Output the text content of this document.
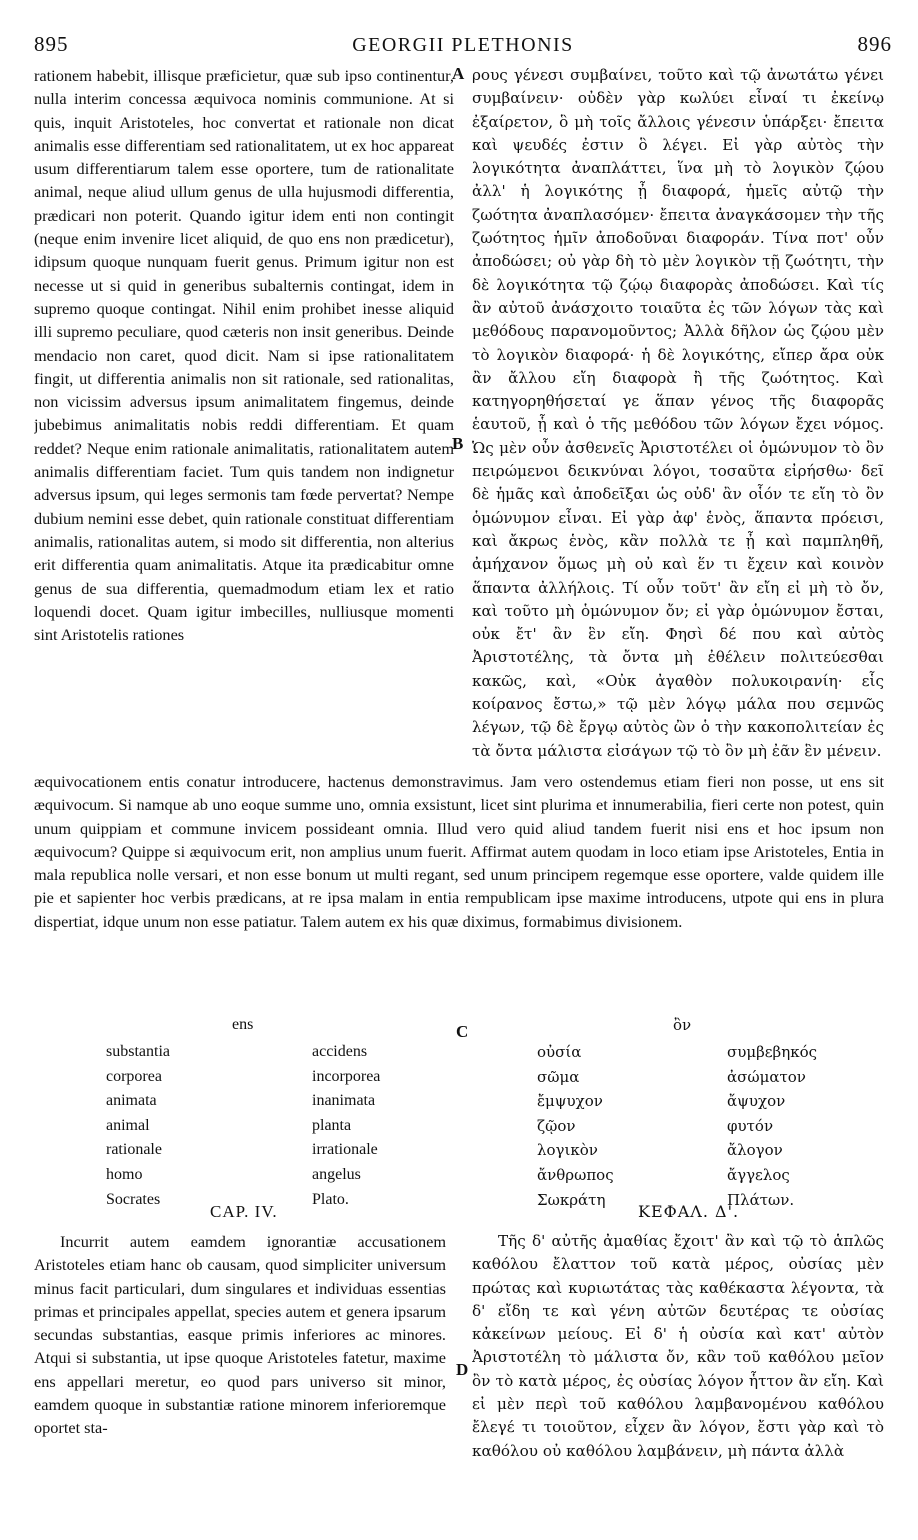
895	GEORGII PLETHONIS	896

rationem habebit, illisque præficietur, quæ sub ipso continentur, nulla interim concessa æquivoca nominis communione. At si quis, inquit Aristoteles, hoc convertat et rationale non dicat animalis esse differentiam sed rationalitatem, ut ex hoc appareat usum differentiarum talem esse oportere, tum de rationalitate animal, neque aliud ullum genus de ulla hujusmodi differentia, prædicari non poterit. Quando igitur idem enti non contingit (neque enim invenire licet aliquid, de quo ens non prædicetur), idipsum quoque nunquam fuerit genus. Primum igitur non est necesse ut si quid in generibus subalternis contingat, idem in supremo quoque contingat. Nihil enim prohibet inesse aliquid illi supremo peculiare, quod cæteris non insit generibus. Deinde mendacio non caret, quod dicit. Nam si ipse rationalitatem fingit, ut differentia animalis non sit rationale, sed rationalitas, non vicissim adversus ipsum animalitatem fingemus, deinde jubebimus animalitatis nobis reddi differentiam. Et quam reddet? Neque enim rationale animalitatis, rationalitatem autem animalis differentiam faciet. Tum quis tandem non indignetur adversus ipsum, qui leges sermonis tam fœde pervertat? Nempe dubium nemini esse debet, quin rationale constituat differentiam animalis, rationalitas autem, si modo sit differentia, non alterius erit differentia quam animalitatis. Atque ita prædicabitur omne genus de sua differentia, quemadmodum etiam lex et ratio loquendi docet. Quam igitur imbecilles, nulliusque momenti sint Aristotelis rationes

A
B

ρους γένεσι συμβαίνει, τοῦτο καὶ τῷ ἀνωτάτω γένει συμβαίνειν· οὐδὲν γὰρ κωλύει εἶναί τι ἐκείνῳ ἐξαίρετον, ὃ μὴ τοῖς ἄλλοις γένεσιν ὑπάρξει· ἔπειτα καὶ ψευδές ἐστιν ὃ λέγει. Εἰ γὰρ αὐτὸς τὴν λογικότητα ἀναπλάττει, ἵνα μὴ τὸ λογικὸν ζῴου ἀλλ' ἡ λογικότης ᾖ διαφορά, ἡμεῖς αὐτῷ τὴν ζωότητα ἀναπλασόμεν· ἔπειτα ἀναγκάσομεν τὴν τῆς ζωότητος ἡμῖν ἀποδοῦναι διαφοράν. Τίνα ποτ' οὖν ἀποδώσει; οὐ γὰρ δὴ τὸ μὲν λογικὸν τῇ ζωότητι, τὴν δὲ λογικότητα τῷ ζῴῳ διαφορὰς ἀποδώσει. Καὶ τίς ἂν αὐτοῦ ἀνάσχοιτο τοιαῦτα ἐς τῶν λόγων τὰς καὶ μεθόδους παρανομοῦντος; Ἀλλὰ δῆλον ὡς ζῴου μὲν τὸ λογικὸν διαφορά· ἡ δὲ λογικότης, εἴπερ ἄρα οὐκ ἂν ἄλλου εἴη διαφορὰ ἢ τῆς ζωότητος. Καὶ κατηγορηθήσεταί γε ἅπαν γένος τῆς διαφορᾶς ἑαυτοῦ, ᾗ καὶ ὁ τῆς μεθόδου τῶν λόγων ἔχει νόμος. Ὡς μὲν οὖν ἀσθενεῖς Ἀριστοτέλει οἱ ὁμώνυμον τὸ ὂν πειρώμενοι δεικνύναι λόγοι, τοσαῦτα εἰρήσθω· δεῖ δὲ ἡμᾶς καὶ ἀποδεῖξαι ὡς οὐδ' ἂν οἷόν τε εἴη τὸ ὂν ὁμώνυμον εἶναι. Εἰ γὰρ ἀφ' ἑνὸς, ἅπαντα πρόεισι, καὶ ἄκρως ἑνὸς, κἂν πολλὰ τε ᾖ καὶ παμπληθῆ, ἀμήχανον ὅμως μὴ οὐ καὶ ἕν τι ἔχειν καὶ κοινὸν ἅπαντα ἀλλήλοις. Τί οὖν τοῦτ' ἂν εἴη εἰ μὴ τὸ ὄν, καὶ τοῦτο μὴ ὁμώνυμον ὄν; εἰ γὰρ ὁμώνυμον ἔσται, οὐκ ἔτ' ἂν ἓν εἴη. Φησὶ δέ που καὶ αὐτὸς Ἀριστοτέλης, τὰ ὄντα μὴ ἐθέλειν πολιτεύεσθαι κακῶς, καὶ, «Οὐκ ἀγαθὸν πολυκοιρανίη· εἷς κοίρανος ἔστω,» τῷ μὲν λόγῳ μάλα που σεμνῶς λέγων, τῷ δὲ ἔργῳ αὐτὸς ὢν ὁ τὴν κακοπολιτείαν ἐς τὰ ὄντα μάλιστα εἰσάγων τῷ τὸ ὂν μὴ ἐᾶν ἓν μένειν.

æquivocationem entis conatur introducere, hactenus demonstravimus. Jam vero ostendemus etiam fieri non posse, ut ens sit æquivocum. Si namque ab uno eoque summe uno, omnia exsistunt, licet sint plurima et innumerabilia, fieri certe non potest, quin unum quippiam et commune invicem possideant omnia. Illud vero quid aliud tandem fuerit nisi ens et hoc ipsum non æquivocum? Quippe si æquivocum erit, non amplius unum fuerit. Affirmat autem quodam in loco etiam ipse Aristoteles, Entia in mala republica nolle versari, et non esse bonum ut multi regant, sed unum principem regemque esse oportere, valde quidem ille pie et sapienter hoc verbis prædicans, at re ipsa malam in entia rempublicam ipse maxime introducens, utpote qui ens in plura dispertiat, idque unum non esse patiatur. Talem autem ex his quæ diximus, formabimus divisionem.

ens	C	ὂν
substantia	accidens
corporea	incorporea
animata	inanimata
animal	planta
rationale	irrationale
homo	angelus
Socrates	Plato.
οὐσία	συμβεβηκός
σῶμα	ἀσώματον
ἔμψυχον	ἄψυχον
ζῷον	φυτόν
λογικὸν	ἄλογον
ἄνθρωπος	ἄγγελος
Σωκράτη	Πλάτων.
CAP. IV.	ΚΕΦΑΛ. Δ'.

Incurrit autem eamdem ignorantiæ accusationem Aristoteles etiam hanc ob causam, quod simpliciter universum minus facit particulari, dum singulares et individuas essentias primas et principales appellat, species autem et genera ipsarum secundas substantias, easque primis inferiores ac minores. Atqui si substantia, ut ipse quoque Aristoteles fatetur, maxime ens appellari meretur, eo quod pars universo sit minor, eamdem quoque in substantiæ ratione minorem inferioremque oportet sta-

D

Τῆς δ' αὐτῆς ἀμαθίας ἔχοιτ' ἂν καὶ τῷ τὸ ἁπλῶς καθόλου ἔλαττον τοῦ κατὰ μέρος, οὐσίας μὲν πρώτας καὶ κυριωτάτας τὰς καθέκαστα λέγοντα, τὰ δ' εἴδη τε καὶ γένη αὐτῶν δευτέρας τε οὐσίας κἀκείνων μείους. Εἰ δ' ἡ οὐσία καὶ κατ' αὐτὸν Ἀριστοτέλη τὸ μάλιστα ὄν, κἂν τοῦ καθόλου μεῖον ὂν τὸ κατὰ μέρος, ἐς οὐσίας λόγον ἧττον ἂν εἴη. Καὶ εἰ μὲν περὶ τοῦ καθόλου λαμβανομένου καθόλου ἔλεγέ τι τοιοῦτον, εἶχεν ἂν λόγον, ἔστι γὰρ καὶ τὸ καθόλου οὐ καθόλου λαμβάνειν, μὴ πάντα ἀλλὰ
